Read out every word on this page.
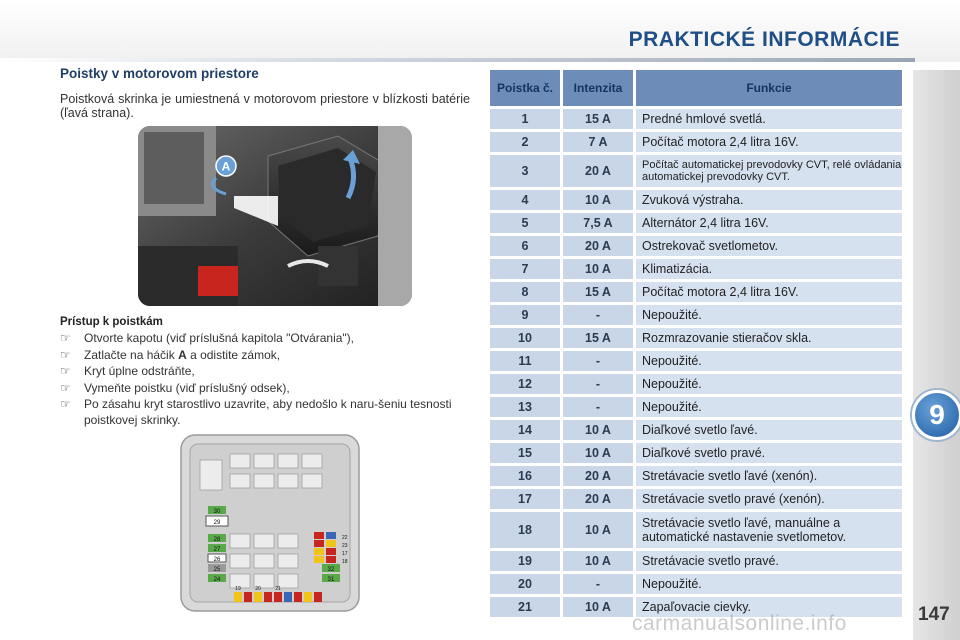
PRAKTICKÉ INFORMÁCIE
9
147
Poistky v motorovom priestore
Poistková skrinka je umiestnená v motorovom priestore v blízkosti batérie (ľavá strana).
A
Prístup k poistkám
☞ Otvorte kapotu (viď príslušná kapitola "Otvárania"),
☞ Zatlačte na háčik A a odistite zámok,
☞ Kryt úplne odstráňte,
☞ Vymeňte poistku (viď príslušný odsek),
☞ Po zásahu kryt starostlivo uzavrite, aby nedošlo k naru-šeniu tesnosti poistkovej skrinky.
30
29
28
27
26
25
24
32
31
22
23
17
18
19	20	21
Poistka č.	Intenzita	Funkcie
1	15 A	Predné hmlové svetlá.
2	7 A	Počítač motora 2,4 litra 16V.
3	20 A	Počítač automatickej prevodovky CVT, relé ovládania automatickej prevodovky CVT.
4	10 A	Zvuková výstraha.
5	7,5 A	Alternátor 2,4 litra 16V.
6	20 A	Ostrekovač svetlometov.
7	10 A	Klimatizácia.
8	15 A	Počítač motora 2,4 litra 16V.
9	-	Nepoužité.
10	15 A	Rozmrazovanie stieračov skla.
11	-	Nepoužité.
12	-	Nepoužité.
13	-	Nepoužité.
14	10 A	Diaľkové svetlo ľavé.
15	10 A	Diaľkové svetlo pravé.
16	20 A	Stretávacie svetlo ľavé (xenón).
17	20 A	Stretávacie svetlo pravé (xenón).
18	10 A	Stretávacie svetlo ľavé, manuálne a automatické nastavenie svetlometov.
19	10 A	Stretávacie svetlo pravé.
20	-	Nepoužité.
21	10 A	Zapaľovacie cievky.
carmanualsonline.info
